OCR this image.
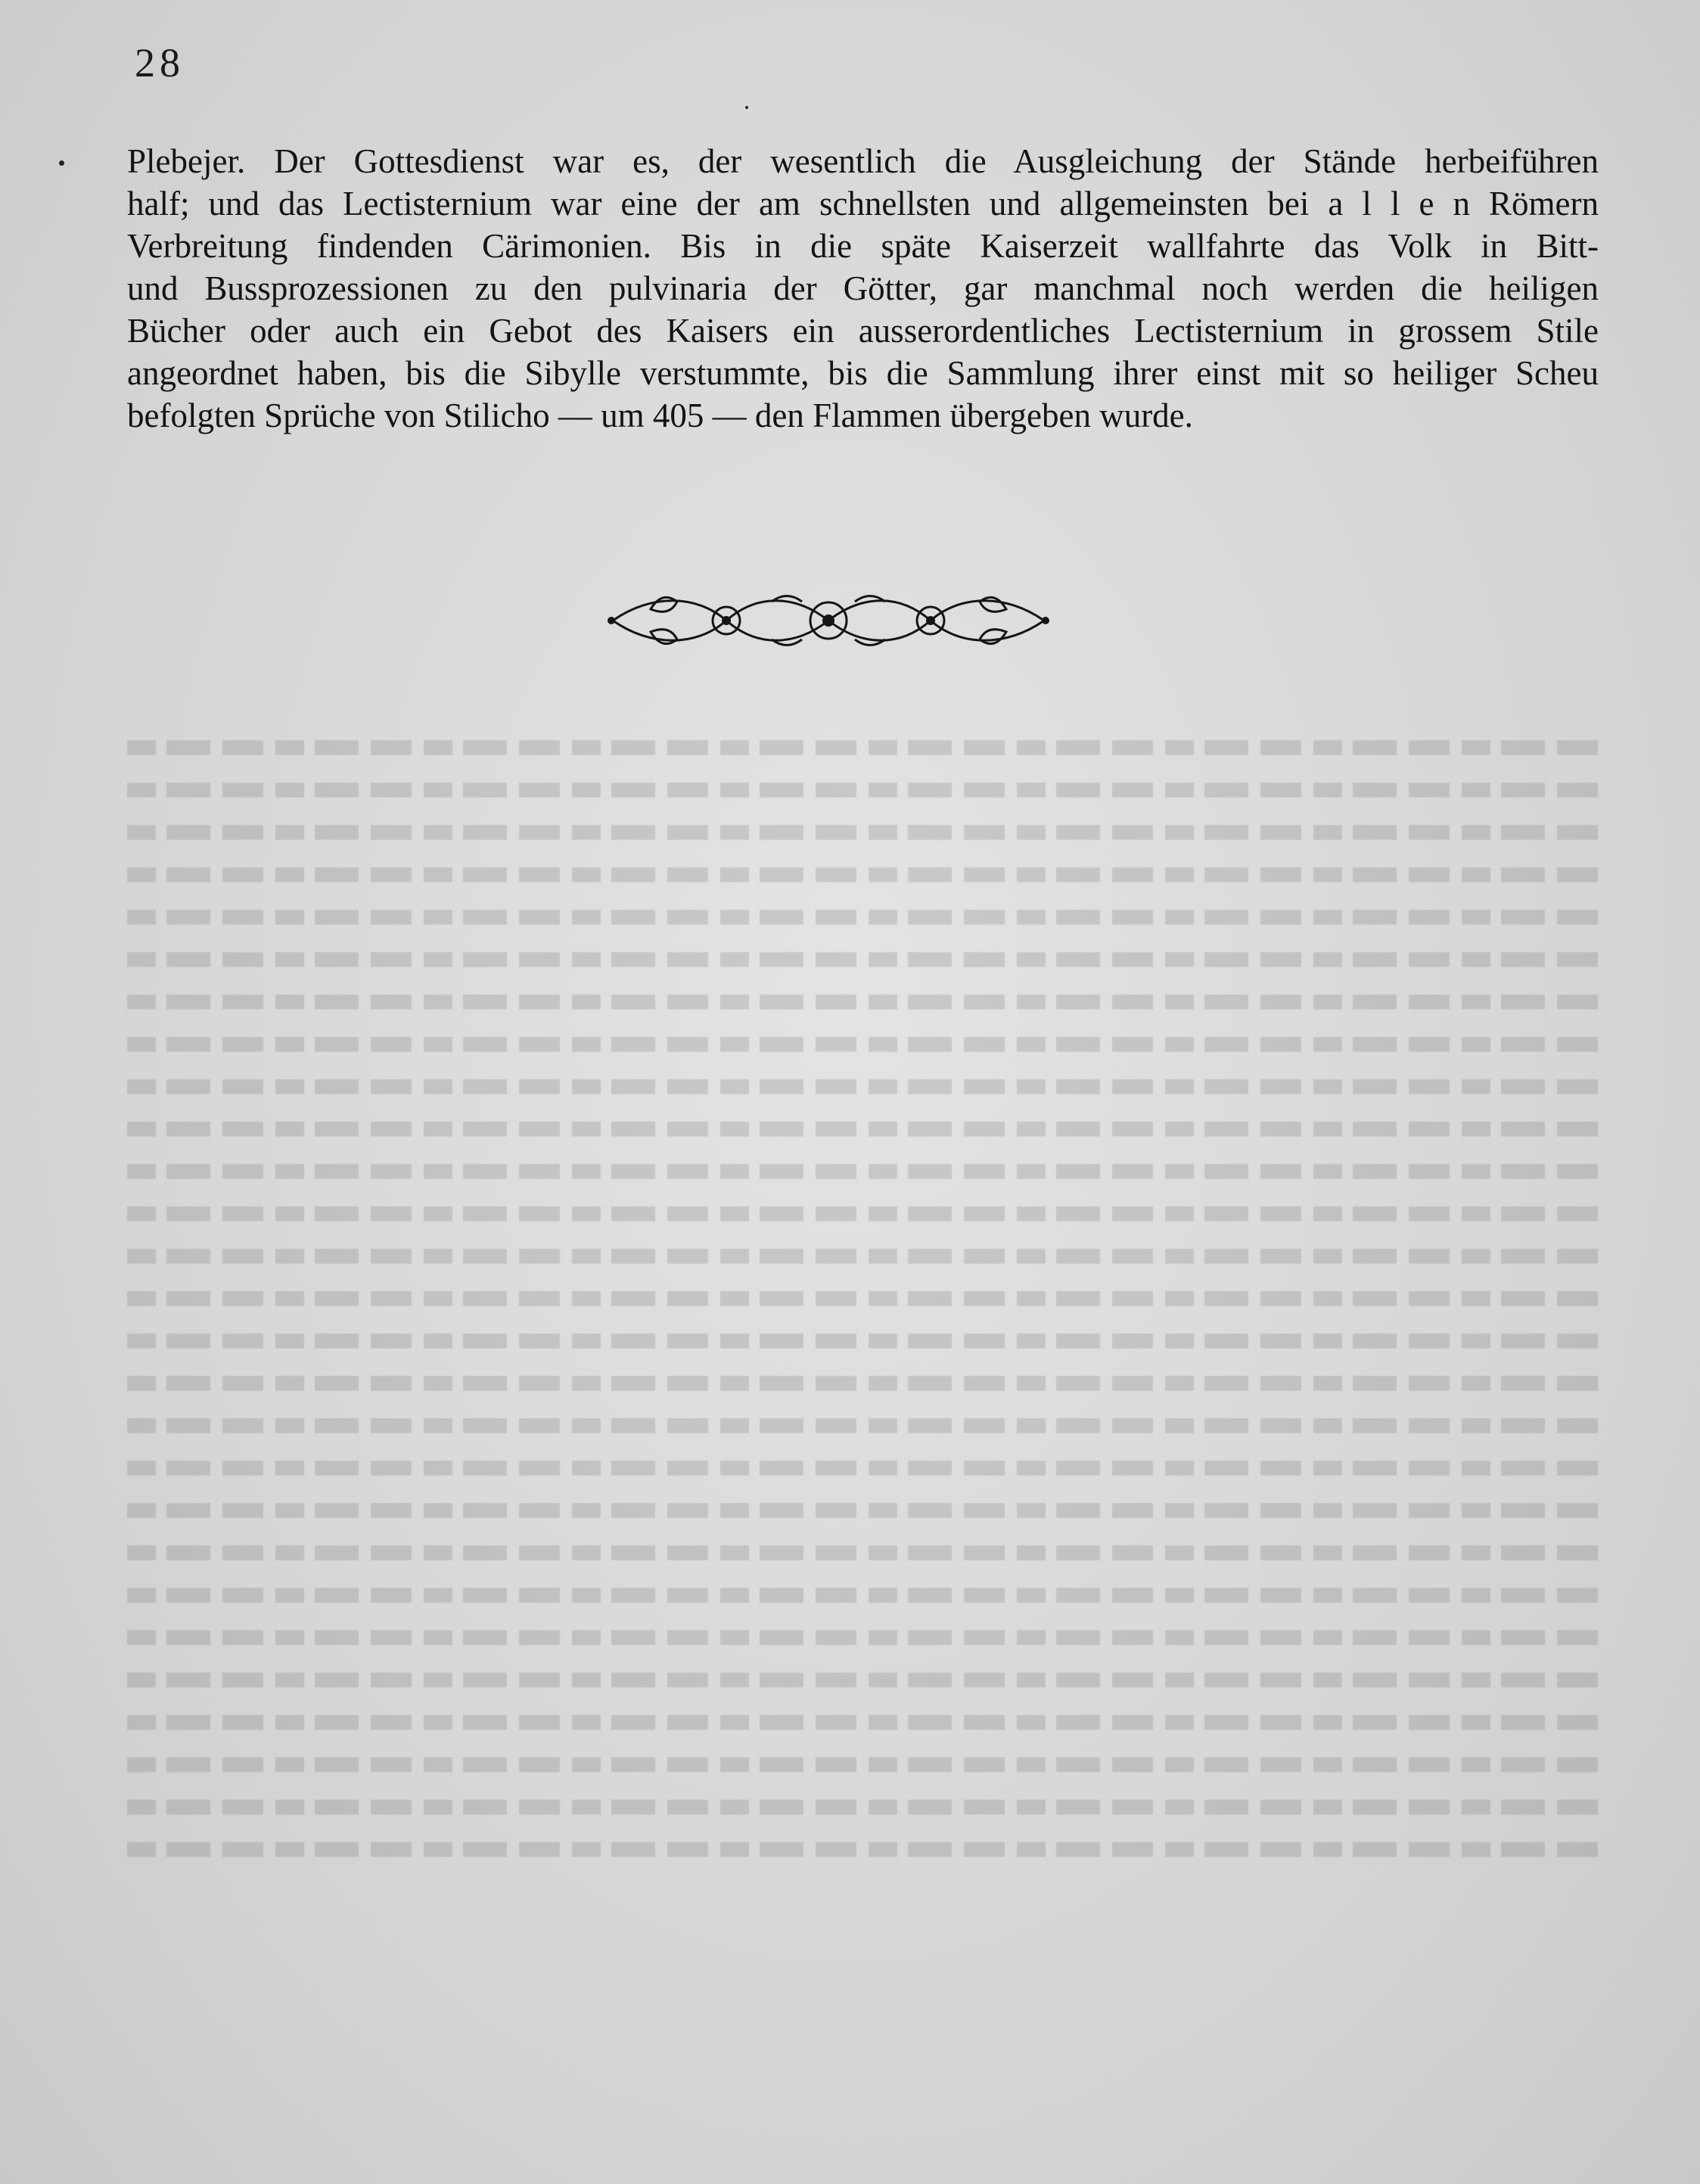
28
Plebejer. Der Gottesdienst war es, der wesentlich die Ausgleichung der Stände herbeiführen
half; und das Lectisternium war eine der am schnellsten und allgemeinsten bei a l l e n Römern
Verbreitung findenden Cärimonien. Bis in die späte Kaiserzeit wallfahrte das Volk in Bitt-
und Bussprozessionen zu den pulvinaria der Götter, gar manchmal noch werden die heiligen
Bücher oder auch ein Gebot des Kaisers ein ausserordentliches Lectisternium in grossem Stile
angeordnet haben, bis die Sibylle verstummte, bis die Sammlung ihrer einst mit so heiliger Scheu
befolgten Sprüche von Stilicho — um 405 — den Flammen übergeben wurde.
